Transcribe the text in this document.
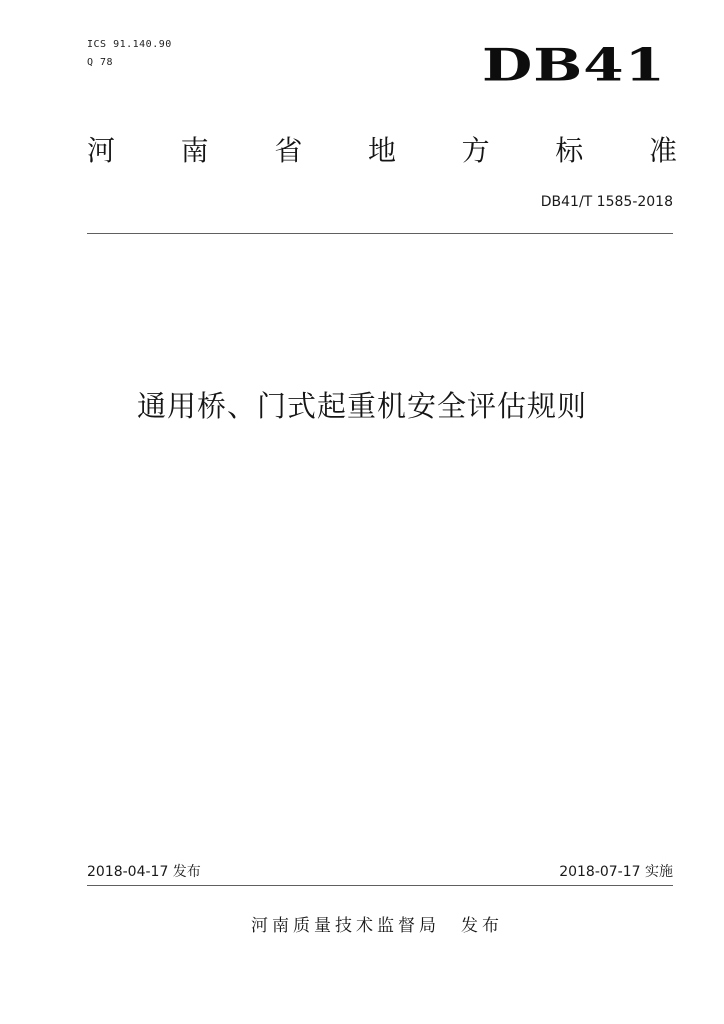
ICS 91.140.90
Q 78	DB41
河 南 省 地 方 标 准
DB41/T 1585-2018
通用桥、门式起重机安全评估规则
2018-04-17 发布	2018-07-17 实施
河南质量技术监督局　发布
